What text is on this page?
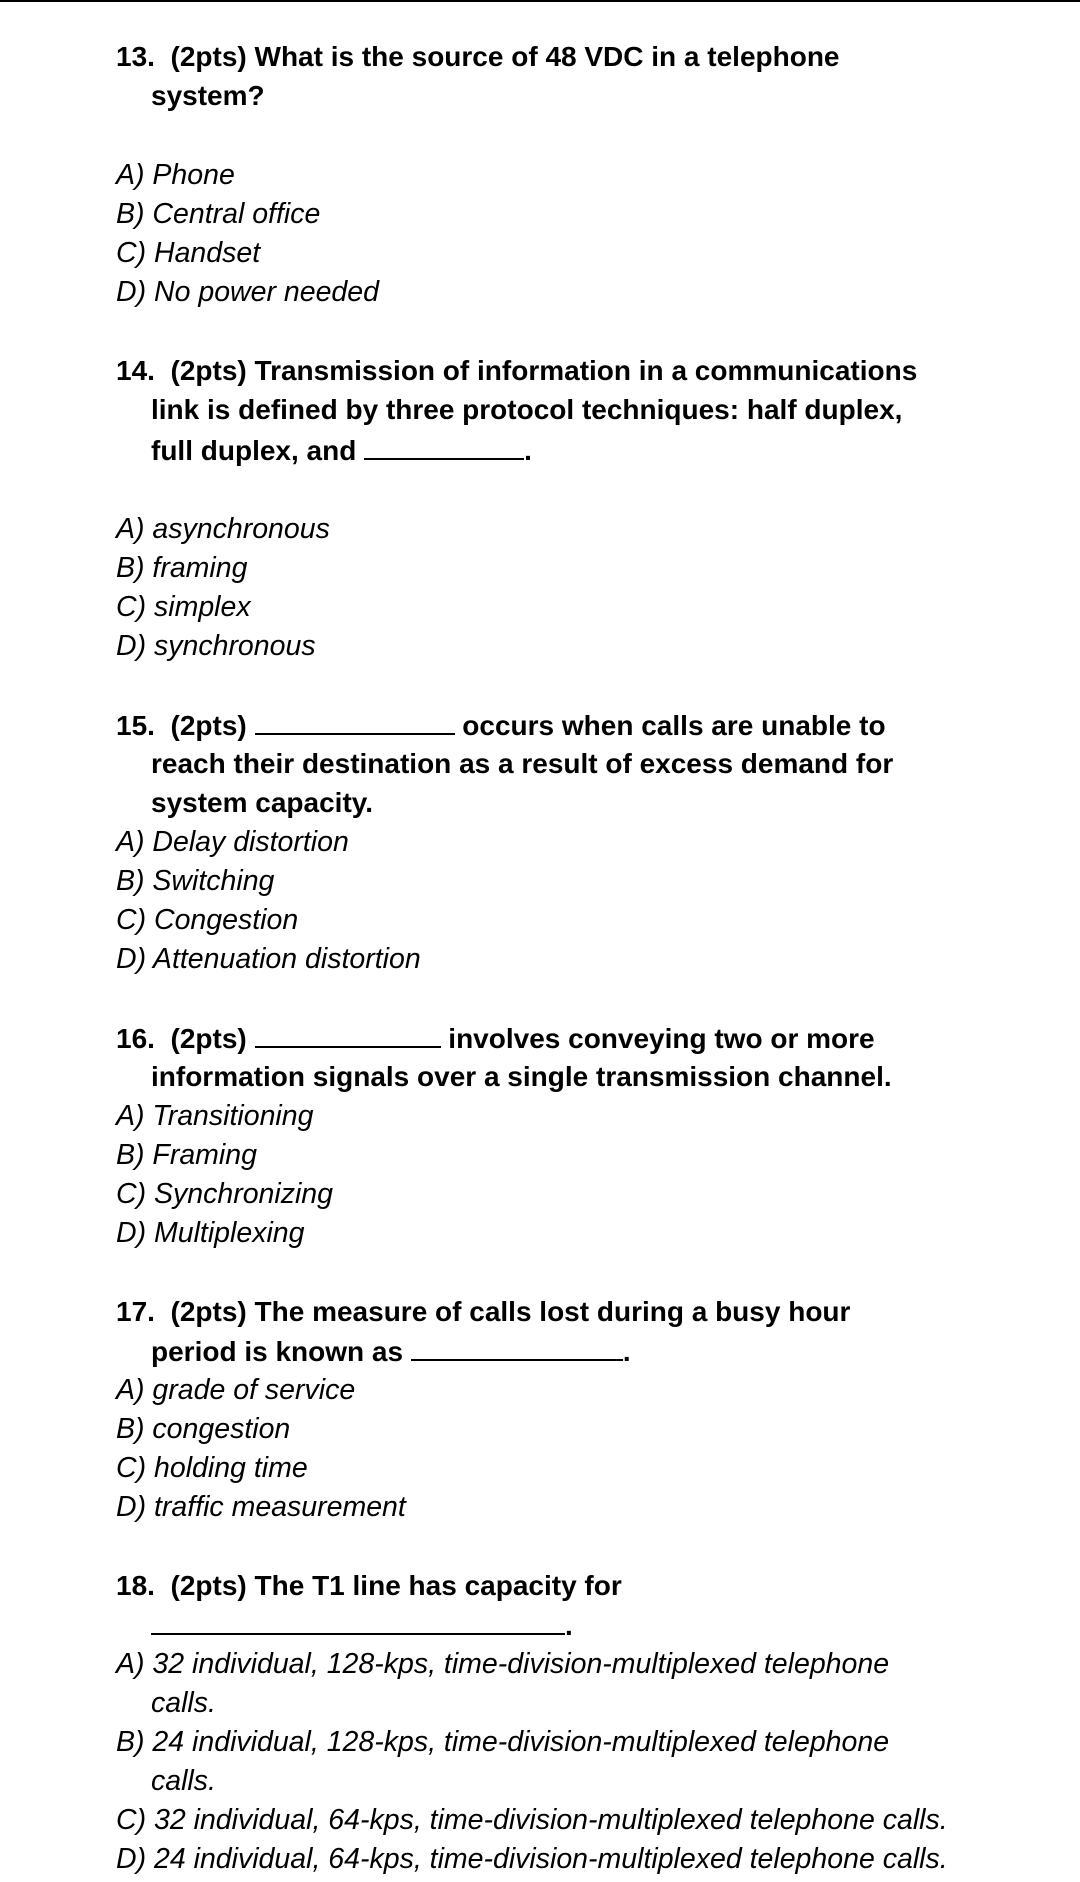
13. (2pts) What is the source of 48 VDC in a telephone
system?
A) Phone
B) Central office
C) Handset
D) No power needed
14. (2pts) Transmission of information in a communications
link is defined by three protocol techniques: half duplex,
full duplex, and	.
A) asynchronous
B) framing
C) simplex
D) synchronous
15. (2pts)	occurs when calls are unable to
reach their destination as a result of excess demand for
system capacity.
A) Delay distortion
B) Switching
C) Congestion
D) Attenuation distortion
16. (2pts)	involves conveying two or more
information signals over a single transmission channel.
A) Transitioning
B) Framing
C) Synchronizing
D) Multiplexing
17. (2pts) The measure of calls lost during a busy hour
period is known as	.
A) grade of service
B) congestion
C) holding time
D) traffic measurement
18. (2pts) The T1 line has capacity for
.
A) 32 individual, 128-kps, time-division-multiplexed telephone
calls.
B) 24 individual, 128-kps, time-division-multiplexed telephone
calls.
C) 32 individual, 64-kps, time-division-multiplexed telephone calls.
D) 24 individual, 64-kps, time-division-multiplexed telephone calls.
